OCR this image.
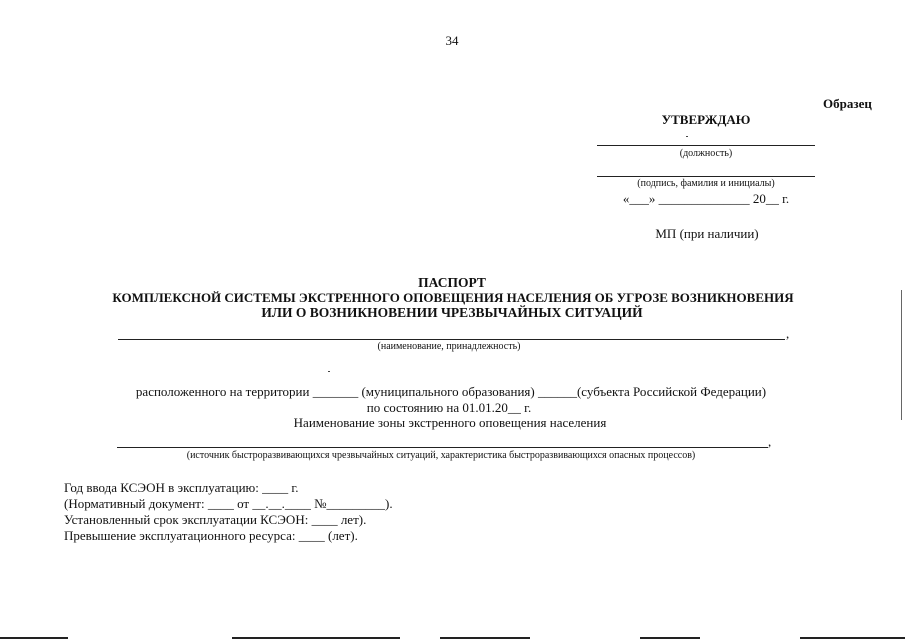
34
Образец
УТВЕРЖДАЮ
(должность)
(подпись, фамилия и инициалы)
«___» ______________ 20__ г.
МП (при наличии)
ПАСПОРТ
КОМПЛЕКСНОЙ СИСТЕМЫ ЭКСТРЕННОГО ОПОВЕЩЕНИЯ НАСЕЛЕНИЯ ОБ УГРОЗЕ ВОЗНИКНОВЕНИЯ
ИЛИ О ВОЗНИКНОВЕНИИ ЧРЕЗВЫЧАЙНЫХ СИТУАЦИЙ
,
(наименование, принадлежность)
расположенного на территории _______ (муниципального образования) ______(субъекта Российской Федерации)
по состоянию на 01.01.20__ г.
Наименование зоны экстренного оповещения населения
,
(источник быстроразвивающихся чрезвычайных ситуаций, характеристика быстроразвивающихся опасных процессов)
Год ввода КСЭОН в эксплуатацию: ____ г.
(Нормативный документ: ____ от __.__.____ №_________).
Установленный срок эксплуатации КСЭОН: ____ лет).
Превышение эксплуатационного ресурса: ____ (лет).
